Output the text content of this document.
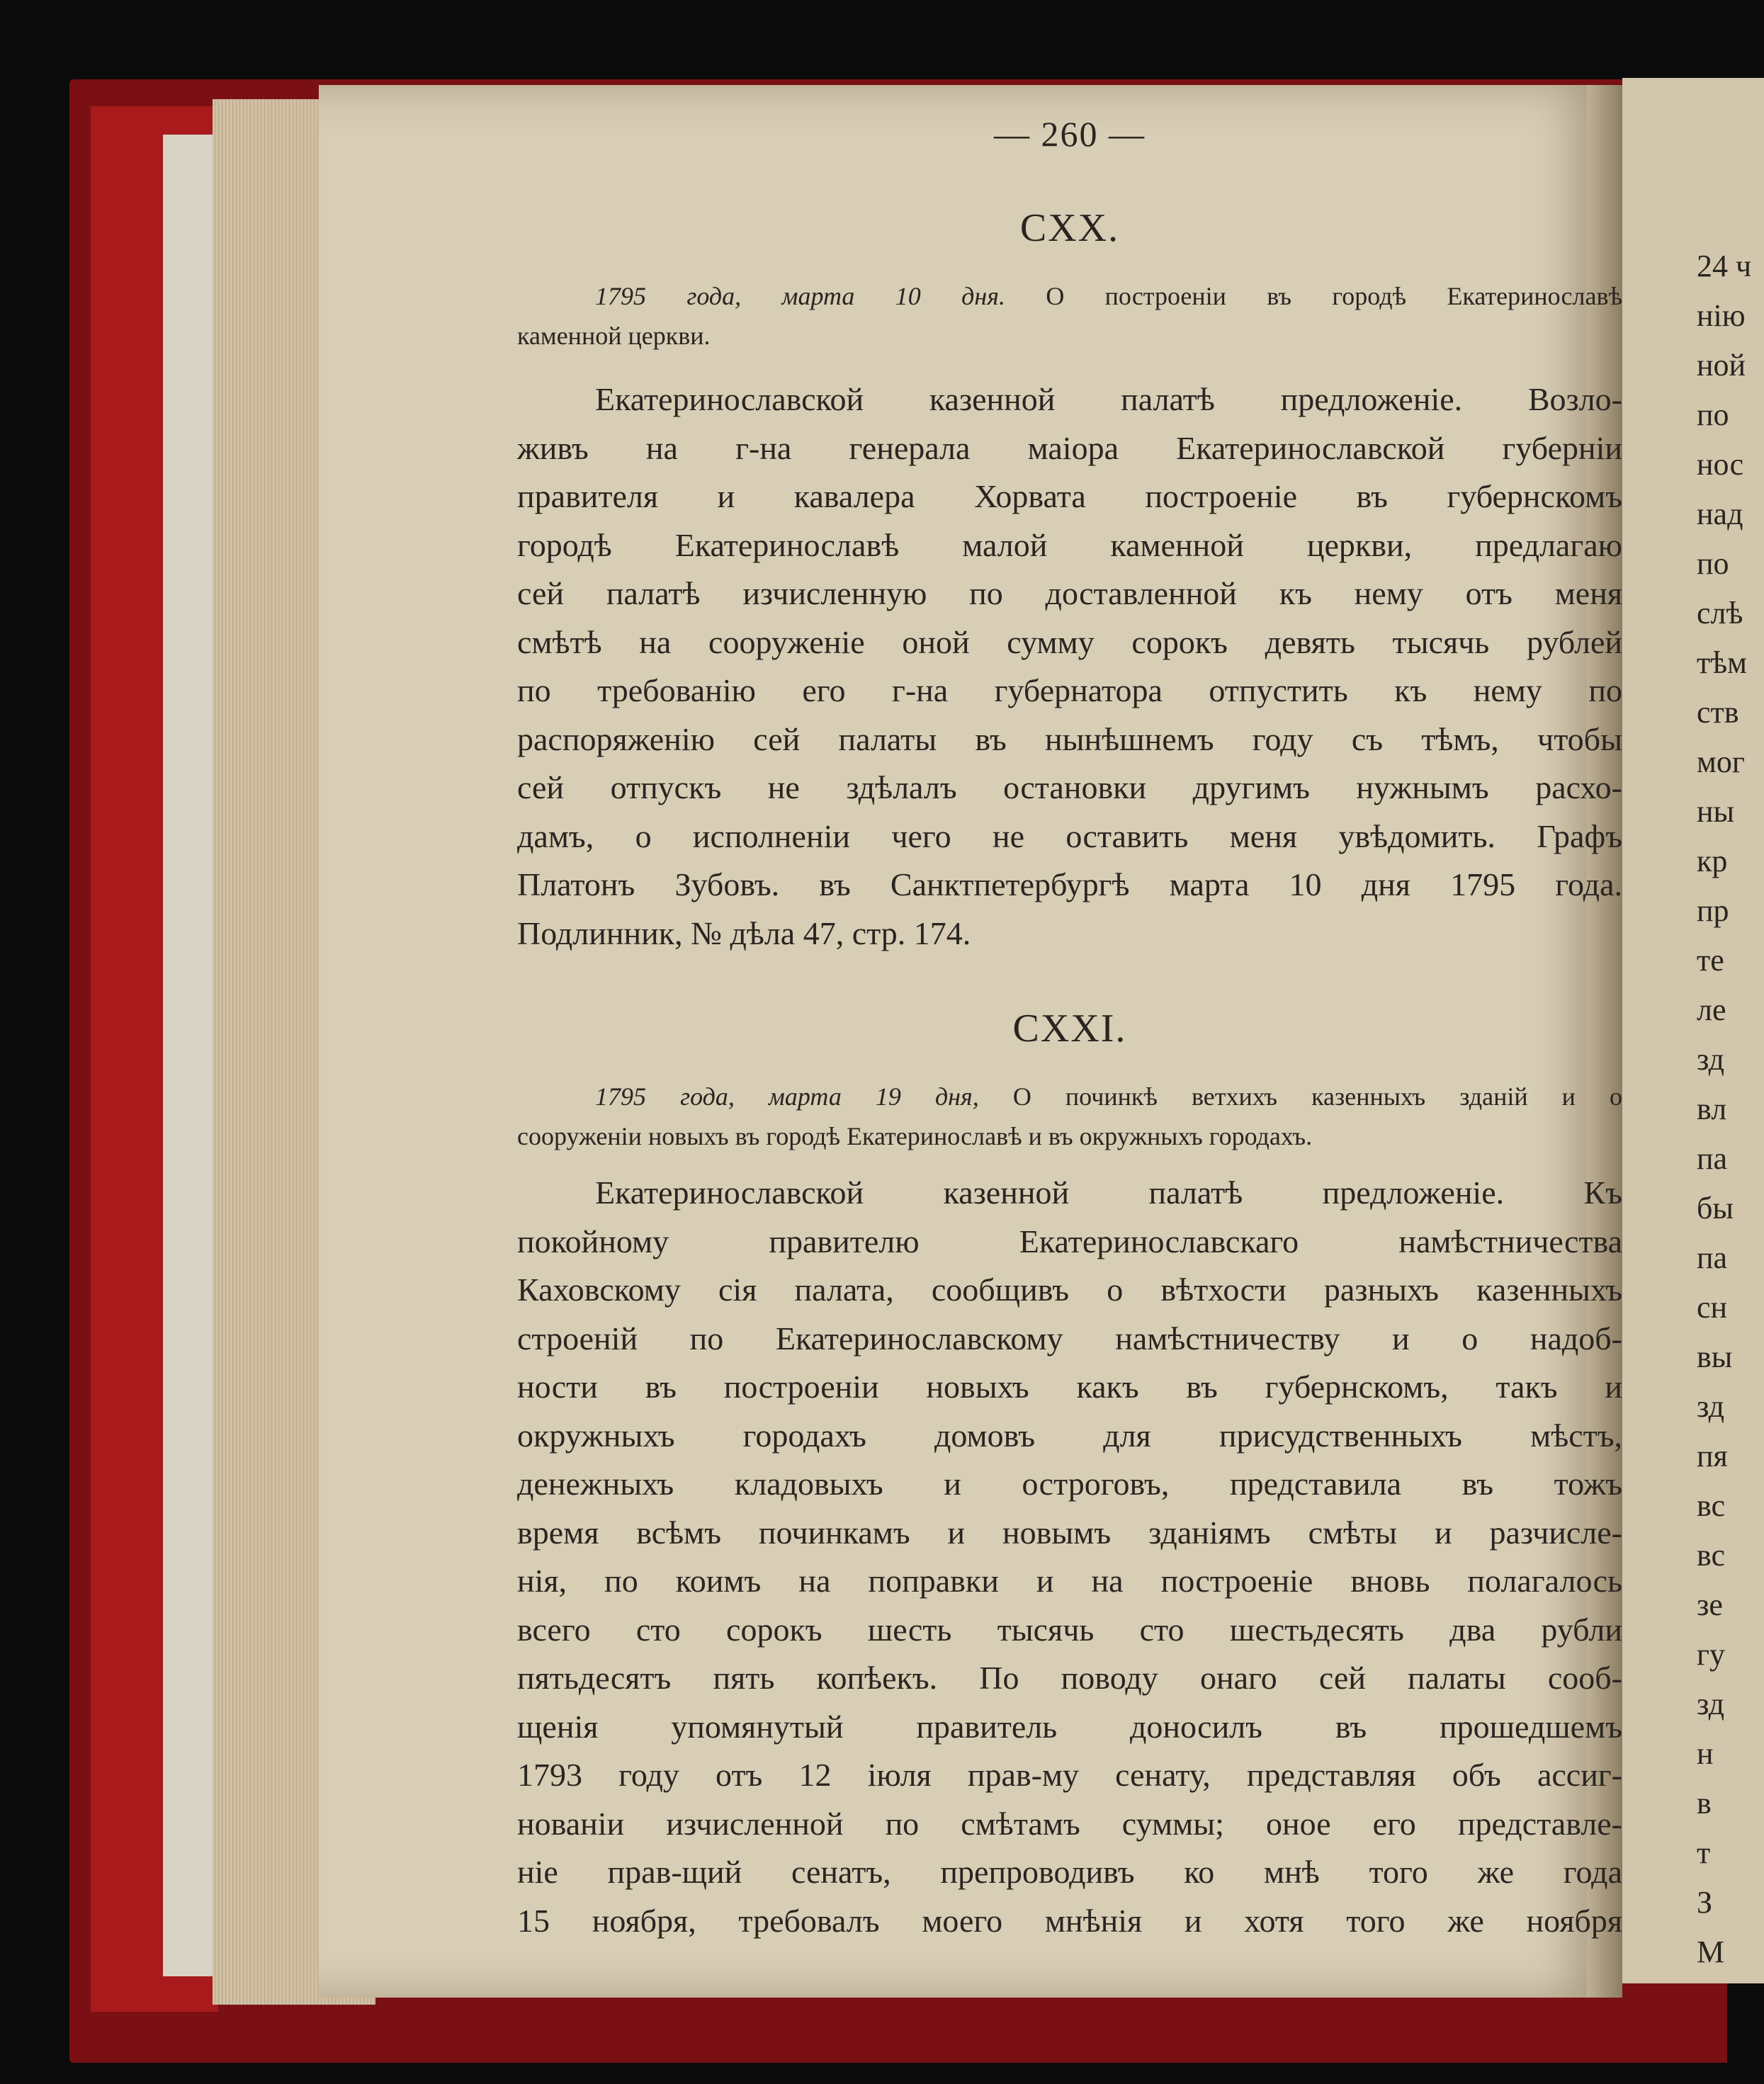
— 260 —
CXX.
1795 года, марта 10 дня. О построеніи въ городѣ Екатеринославѣ
каменной церкви.
Екатеринославской казенной палатѣ предложеніе. Возло-
живъ на г-на генерала маіора Екатеринославской губерніи
правителя и кавалера Хорвата построеніе въ губернскомъ
городѣ Екатеринославѣ малой каменной церкви, предлагаю
сей палатѣ изчисленную по доставленной къ нему отъ меня
смѣтѣ на сооруженіе оной сумму сорокъ девять тысячь рублей
по требованію его г-на губернатора отпустить къ нему по
распоряженію сей палаты въ нынѣшнемъ году съ тѣмъ, чтобы
сей отпускъ не здѣлалъ остановки другимъ нужнымъ расхо-
дамъ, о исполненіи чего не оставить меня увѣдомить. Графъ
Платонъ Зубовъ. въ Санктпетербургѣ марта 10 дня 1795 года.
Подлинник, № дѣла 47, стр. 174.
CXXI.
1795 года, марта 19 дня, О починкѣ ветхихъ казенныхъ зданій и о
сооруженіи новыхъ въ городѣ Екатеринославѣ и въ окружныхъ городахъ.
Екатеринославской казенной палатѣ предложеніе. Къ
покойному правителю Екатеринославскаго намѣстничества
Каховскому сія палата, сообщивъ о вѣтхости разныхъ казенныхъ
строеній по Екатеринославскому намѣстничеству и о надоб-
ности въ построеніи новыхъ какъ въ губернскомъ, такъ и
окружныхъ городахъ домовъ для присудственныхъ мѣстъ,
денежныхъ кладовыхъ и остроговъ, представила въ тожъ
время всѣмъ починкамъ и новымъ зданіямъ смѣты и разчисле-
нія, по коимъ на поправки и на построеніе вновь полагалось
всего сто сорокъ шесть тысячь сто шестьдесять два рубли
пятьдесятъ пять копѣекъ. По поводу онаго сей палаты сооб-
щенія упомянутый правитель доносилъ въ прошедшемъ
1793 году отъ 12 іюля прав-му сенату, представляя объ ассиг-
нованіи изчисленной по смѣтамъ суммы; оное его представле-
ніе прав-щий сенатъ, препроводивъ ко мнѣ того же года
15 ноября, требовалъ моего мнѣнія и хотя того же ноября
24 ч
нію
ной
по
нос
над
по
слѣ
тѣм
ств
мог
ны
кр
пр
те
ле
зд
вл
па
бы
па
сн
вы
зд
пя
вс
вс
зе
гу
зд
н
в
т
З
М
